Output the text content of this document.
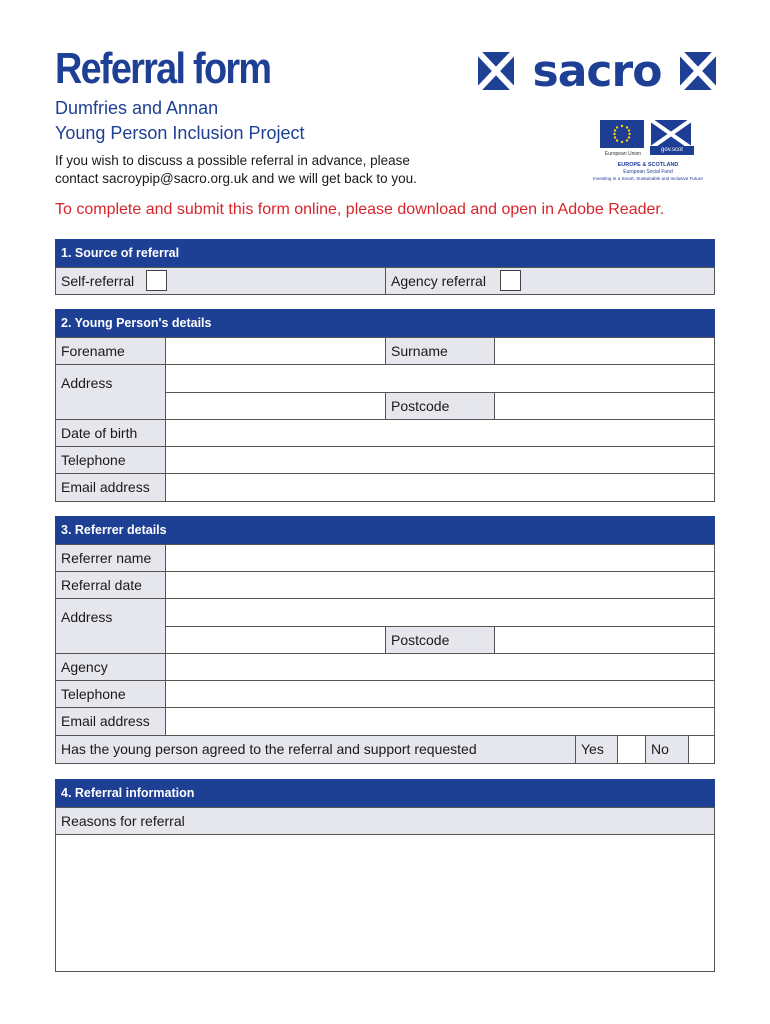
Referral form
Dumfries and Annan
Young Person Inclusion Project
If you wish to discuss a possible referral in advance, please
contact sacroypip@sacro.org.uk and we will get back to you.
To complete and submit this form online, please download and open in Adobe Reader.
sacro
European Union
gov.scot
EUROPE & SCOTLAND
European Social Fund
Investing in a Smart, Sustainable and Inclusive Future
1. Source of referral
Self-referral	Agency referral
2. Young Person's details
Forename	Surname
Address
Postcode
Date of birth
Telephone
Email address
3. Referrer details
Referrer name
Referral date
Address
Postcode
Agency
Telephone
Email address
Has the young person agreed to the referral and support requested	Yes	No
4. Referral information
Reasons for referral
